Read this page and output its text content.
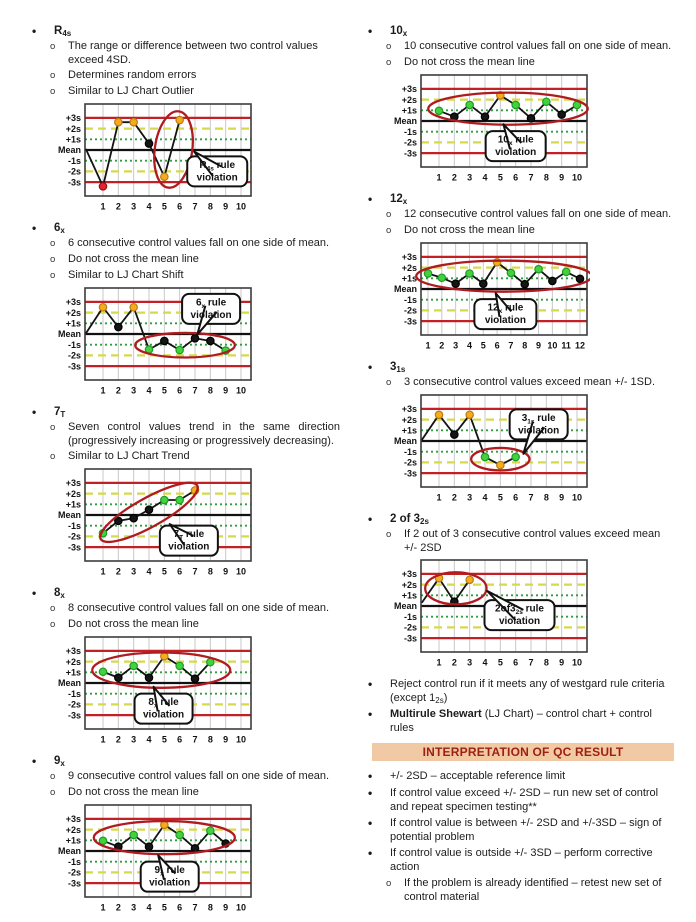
•	$R_{4s}$
o	The range or difference between two control values exceed 4SD.
o	Determines random errors
o	Similar to LJ Chart Outlier
+3s
+2s
+1s
Mean
-1s
-2s
-3s
1 2 3 4 5 6 7 8 9 10
$R_{4s}$ rule
violation
•	$6_x$
o	6 consecutive control values fall on one side of mean.
o	Do not cross the mean line
o	Similar to LJ Chart Shift
+3s
+2s
+1s
Mean
-1s
-2s
-3s
1 2 3 4 5 6 7 8 9 10
$6_x$ rule
violation
•	$7_T$
o	Seven control values trend in the same direction (progressively increasing or progressively decreasing).
o	Similar to LJ Chart Trend
+3s
+2s
+1s
Mean
-1s
-2s
-3s
1 2 3 4 5 6 7 8 9 10
$7_T$ rule
violation
•	$8_x$
o	8 consecutive control values fall on one side of mean.
o	Do not cross the mean line
+3s
+2s
+1s
Mean
-1s
-2s
-3s
1 2 3 4 5 6 7 8 9 10
$8_x$ rule
violation
•	$9_x$
o	9 consecutive control values fall on one side of mean.
o	Do not cross the mean line
+3s
+2s
+1s
Mean
-1s
-2s
-3s
1 2 3 4 5 6 7 8 9 10
$9_x$ rule
violation
•	$10_x$
o	10 consecutive control values fall on one side of mean.
o	Do not cross the mean line
+3s
+2s
+1s
Mean
-1s
-2s
-3s
1 2 3 4 5 6 7 8 9 10
$10_x$ rule
violation
•	$12_x$
o	12 consecutive control values fall on one side of mean.
o	Do not cross the mean line
+3s
+2s
+1s
Mean
-1s
-2s
-3s
1 2 3 4 5 6 7 8 9 10 11 12
$12_x$ rule
violation
•	$3_{1s}$
o	3 consecutive control values exceed mean +/- 1SD.
+3s
+2s
+1s
Mean
-1s
-2s
-3s
1 2 3 4 5 6 7 8 9 10
$3_{1s}$ rule
violation
•	2 of $3_{2s}$
o	If 2 out of 3 consecutive control values exceed mean +/- 2SD
+3s
+2s
+1s
Mean
-1s
-2s
-3s
1 2 3 4 5 6 7 8 9 10
$2of3_{2s}$ rule
violation
•	Reject control run if it meets any of westgard rule criteria (except $1_{2s}$)
•	Multirule Shewart (LJ Chart) – control chart + control rules
INTERPRETATION OF QC RESULT
•	+/- 2SD – acceptable reference limit
•	If control value exceed +/- 2SD – run new set of control and repeat specimen testing**
•	If control value is between +/- 2SD and +/-3SD – sign of potential problem
•	If control value is outside +/- 3SD – perform corrective action
o	If the problem is already identified – retest new set of control material
